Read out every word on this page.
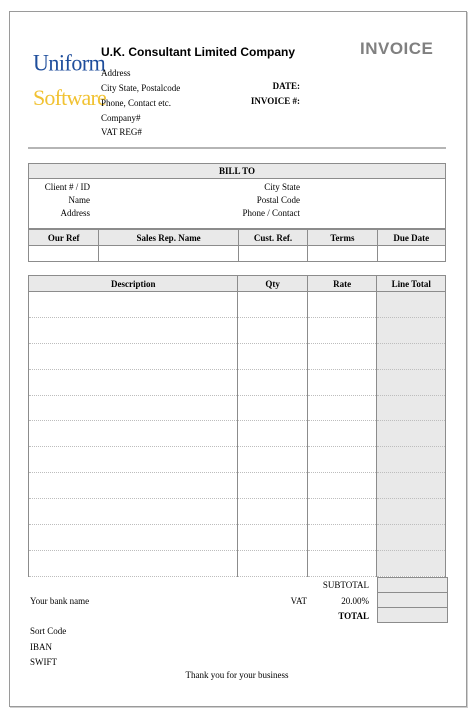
Uniform
Software
U.K. Consultant Limited Company
Address
City State, Postalcode
Phone, Contact etc.
Company#
VAT REG#
INVOICE
DATE:
INVOICE #:
BILL TO

Client # / ID
Name
Address
City State
Postal Code
Phone / Contact
Our Ref	Sales Rep. Name	Cust. Ref.	Terms	Due Date

Description	Qty	Rate	Line Total

SUBTOTAL
VAT	20.00%
TOTAL
Your bank name
Sort Code
IBAN
SWIFT
Thank you for your business
